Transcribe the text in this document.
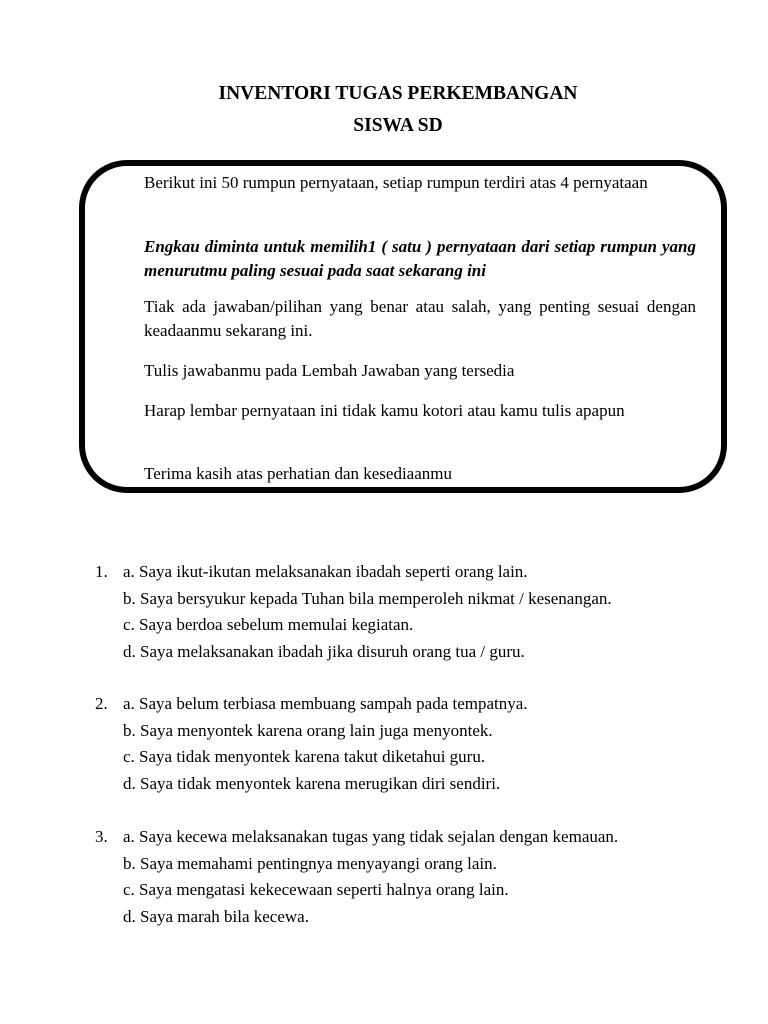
INVENTORI TUGAS PERKEMBANGAN
SISWA SD

Berikut ini 50 rumpun pernyataan, setiap rumpun terdiri atas 4 pernyataan

Engkau diminta untuk memilih1 ( satu ) pernyataan dari setiap rumpun yang menurutmu paling sesuai pada saat sekarang ini

Tiak ada jawaban/pilihan yang benar atau salah, yang penting sesuai dengan keadaanmu sekarang ini.

Tulis jawabanmu pada Lembah Jawaban yang tersedia

Harap lembar pernyataan ini tidak kamu kotori atau kamu tulis apapun

Terima kasih atas perhatian dan kesediaanmu

1. a. Saya ikut-ikutan melaksanakan ibadah seperti orang lain.
b. Saya bersyukur kepada Tuhan bila memperoleh nikmat / kesenangan.
c. Saya berdoa sebelum memulai kegiatan.
d. Saya melaksanakan ibadah jika disuruh orang tua / guru.
2. a. Saya belum terbiasa membuang sampah pada tempatnya.
b. Saya menyontek karena orang lain juga menyontek.
c. Saya tidak menyontek karena takut diketahui guru.
d. Saya tidak menyontek karena merugikan diri sendiri.
3. a. Saya kecewa melaksanakan tugas yang tidak sejalan dengan kemauan.
b. Saya memahami pentingnya menyayangi orang lain.
c. Saya mengatasi kekecewaan seperti halnya orang lain.
d. Saya marah bila kecewa.
